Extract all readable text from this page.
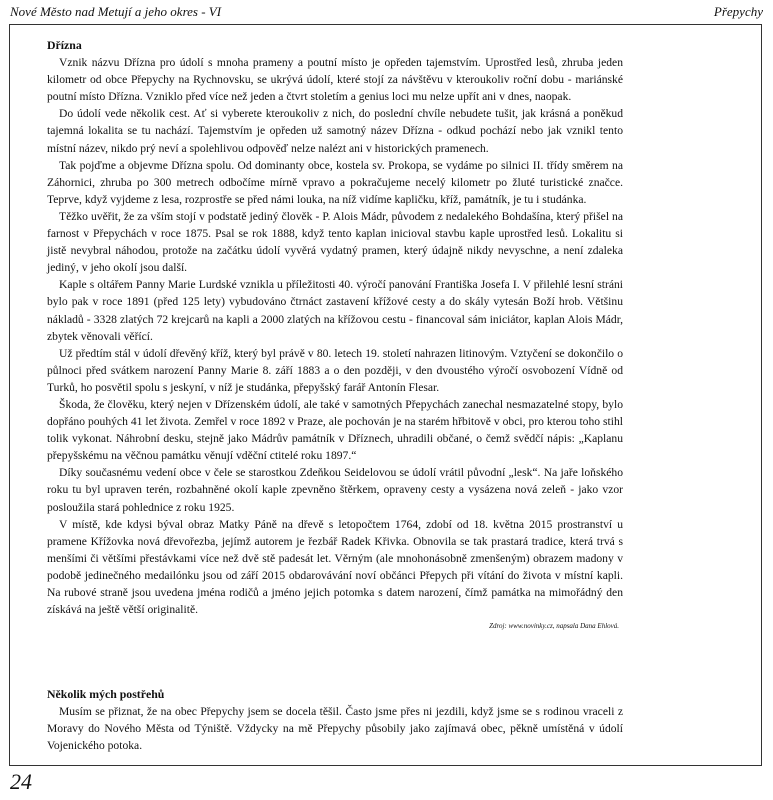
Nové Město nad Metují a jeho okres - VI	Přepychy
Dřízna

Vznik názvu Dřízna pro údolí s mnoha prameny a poutní místo je opředen tajemstvím. Uprostřed lesů, zhruba jeden kilometr od obce Přepychy na Rychnovsku, se ukrývá údolí, které stojí za návštěvu v kteroukoliv roční dobu - mariánské poutní místo Dřízna. Vzniklo před více než jeden a čtvrt stoletím a genius loci mu nelze upřít ani v dnes, naopak.

Do údolí vede několik cest. Ať si vyberete kteroukoliv z nich, do poslední chvíle nebudete tušit, jak krásná a poněkud tajemná lokalita se tu nachází. Tajemstvím je opředen už samotný název Dřízna - odkud pochází nebo jak vznikl tento místní název, nikdo prý neví a spolehlivou odpověď nelze nalézt ani v historických pramenech.

Tak pojďme a objevme Dřízna spolu. Od dominanty obce, kostela sv. Prokopa, se vydáme po silnici II. třídy směrem na Záhornici, zhruba po 300 metrech odbočíme mírně vpravo a pokračujeme necelý kilometr po žluté turistické značce. Teprve, když vyjdeme z lesa, rozprostře se před námi louka, na níž vidíme kapličku, kříž, památník, je tu i studánka.

Těžko uvěřit, že za vším stojí v podstatě jediný člověk - P. Alois Mádr, původem z nedalekého Bohdašína, který přišel na farnost v Přepychách v roce 1875. Psal se rok 1888, když tento kaplan inicioval stavbu kaple uprostřed lesů. Lokalitu si jistě nevybral náhodou, protože na začátku údolí vyvěrá vydatný pramen, který údajně nikdy nevyschne, a není zdaleka jediný, v jeho okolí jsou další.

Kaple s oltářem Panny Marie Lurdské vznikla u příležitosti 40. výročí panování Františka Josefa I. V přilehlé lesní stráni bylo pak v roce 1891 (před 125 lety) vybudováno čtrnáct zastavení křížové cesty a do skály vytesán Boží hrob. Většinu nákladů - 3328 zlatých 72 krejcarů na kapli a 2000 zlatých na křížovou cestu - financoval sám iniciátor, kaplan Alois Mádr, zbytek věnovali věřící.

Už předtím stál v údolí dřevěný kříž, který byl právě v 80. letech 19. století nahrazen litinovým. Vztyčení se dokončilo o půlnoci před svátkem narození Panny Marie 8. září 1883 a o den později, v den dvoustého výročí osvobození Vídně od Turků, ho posvětil spolu s jeskyní, v níž je studánka, přepyšský farář Antonín Flesar.

Škoda, že člověku, který nejen v Dřízenském údolí, ale také v samotných Přepychách zanechal nesmazatelné stopy, bylo dopřáno pouhých 41 let života. Zemřel v roce 1892 v Praze, ale pochován je na starém hřbitově v obci, pro kterou toho stihl tolik vykonat. Náhrobní desku, stejně jako Mádrův památník v Dříznech, uhradili občané, o čemž svědčí nápis: „Kaplanu přepyšskému na věčnou památku věnují vděční ctitelé roku 1897.“

Díky současnému vedení obce v čele se starostkou Zdeňkou Seidelovou se údolí vrátil původní „lesk“. Na jaře loňského roku tu byl upraven terén, rozbahněné okolí kaple zpevněno štěrkem, opraveny cesty a vysázena nová zeleň - jako vzor posloužila stará pohlednice z roku 1925.

V místě, kde kdysi býval obraz Matky Páně na dřevě s letopočtem 1764, zdobí od 18. května 2015 prostranství u pramene Křížovka nová dřevořezba, jejímž autorem je řezbář Radek Křivka. Obnovila se tak prastará tradice, která trvá s menšími či většími přestávkami více než dvě stě padesát let. Věrným (ale mnohonásobně zmenšeným) obrazem madony v podobě jedinečného medailónku jsou od září 2015 obdarovávání noví občánci Přepych při vítání do života v místní kapli. Na rubové straně jsou uvedena jména rodičů a jméno jejich potomka s datem narození, čímž památka na mimořádný den získává na ještě větší originalitě.

Zdroj: www.novinky.cz, napsala Dana Ehlová.
Několik mých postřehů

Musím se přiznat, že na obec Přepychy jsem se docela těšil. Často jsme přes ni jezdili, když jsme se s rodinou vraceli z Moravy do Nového Města od Týniště. Vždycky na mě Přepychy působily jako zajímavá obec, pěkně umístěná v údolí Vojenického potoka.

24
